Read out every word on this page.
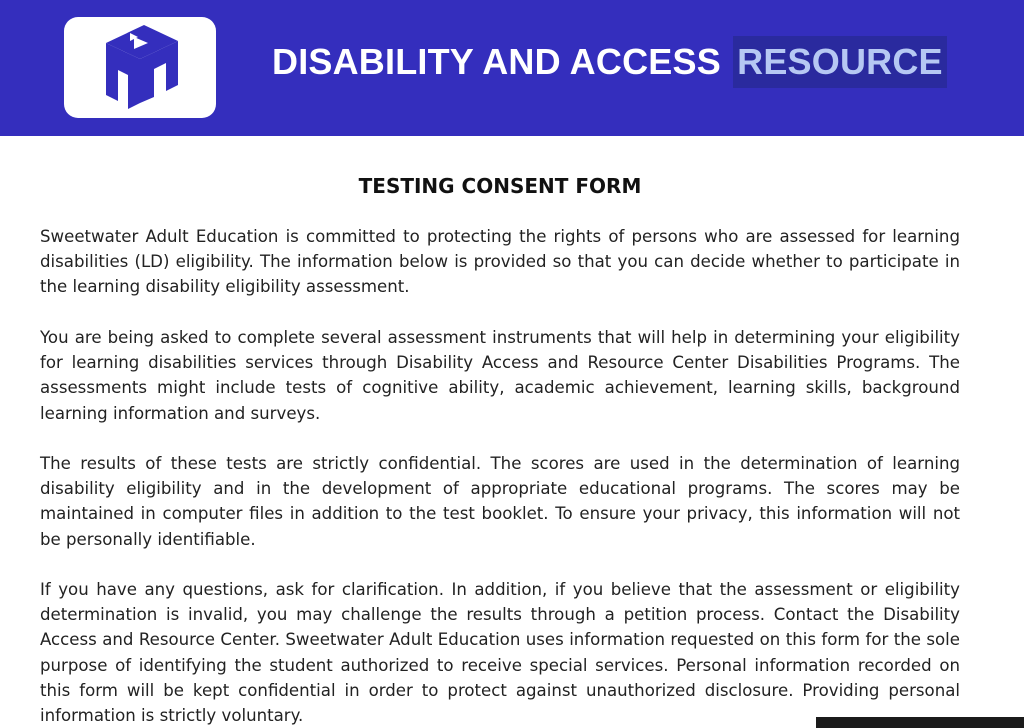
DISABILITY AND ACCESS RESOURCE
TESTING CONSENT FORM

Sweetwater Adult Education is committed to protecting the rights of persons who are assessed for learning disabilities (LD) eligibility. The information below is provided so that you can decide whether to participate in the learning disability eligibility assessment.

You are being asked to complete several assessment instruments that will help in determining your eligibility for learning disabilities services through Disability Access and Resource Center Disabilities Programs. The assessments might include tests of cognitive ability, academic achievement, learning skills, background learning information and surveys.

The results of these tests are strictly confidential. The scores are used in the determination of learning disability eligibility and in the development of appropriate educational programs. The scores may be maintained in computer files in addition to the test booklet. To ensure your privacy, this information will not be personally identifiable.

If you have any questions, ask for clarification. In addition, if you believe that the assessment or eligibility determination is invalid, you may challenge the results through a petition process. Contact the Disability Access and Resource Center. Sweetwater Adult Education uses information requested on this form for the sole purpose of identifying the student authorized to receive special services. Personal information recorded on this form will be kept confidential in order to protect against unauthorized disclosure. Providing personal information is strictly voluntary.
